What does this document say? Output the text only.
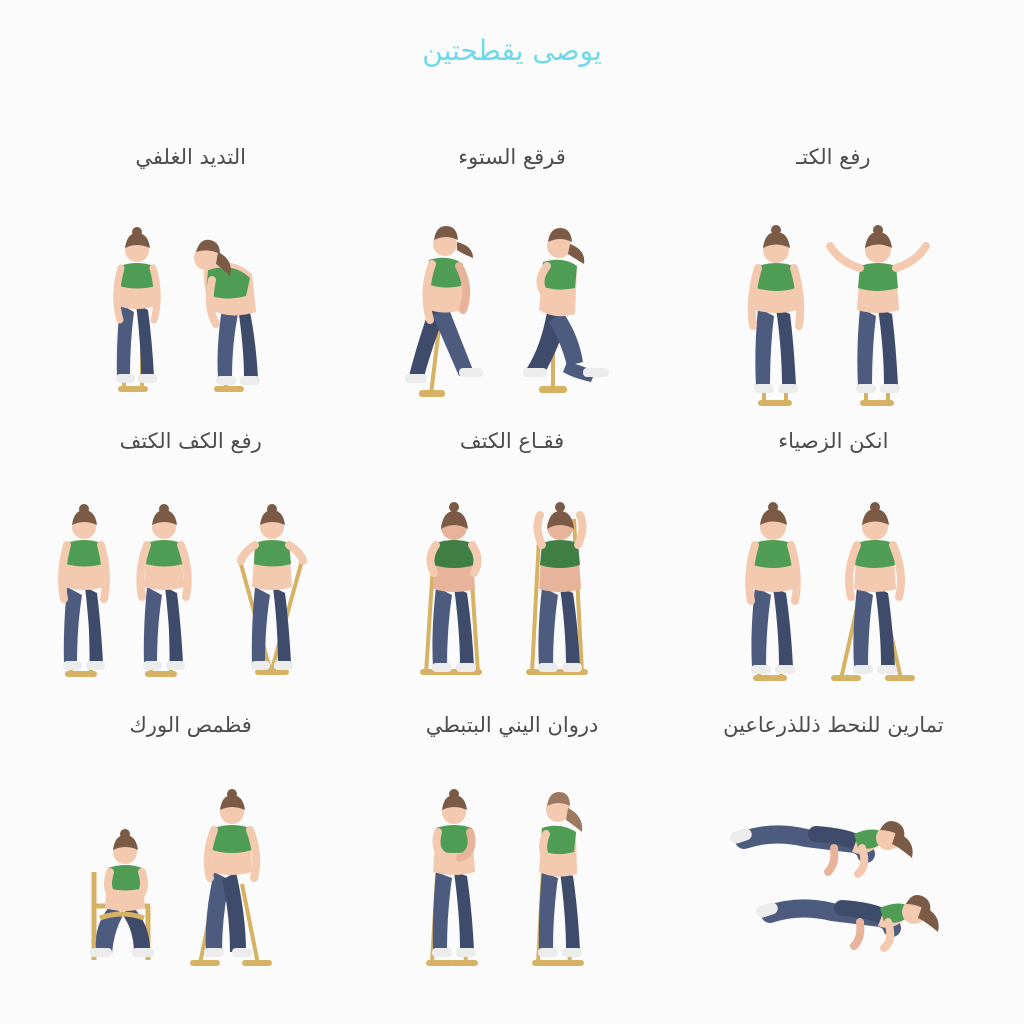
يوصى يقطحتين
رفع الكتـ
قرقع الستوء
التديد الغلفي
انكن الزصياء
فقـاع الكتف
رفع الكف الكتف
تمارين للنحط ذللذرعاعين
دروان اليني البتبطي
فظمص الورك
